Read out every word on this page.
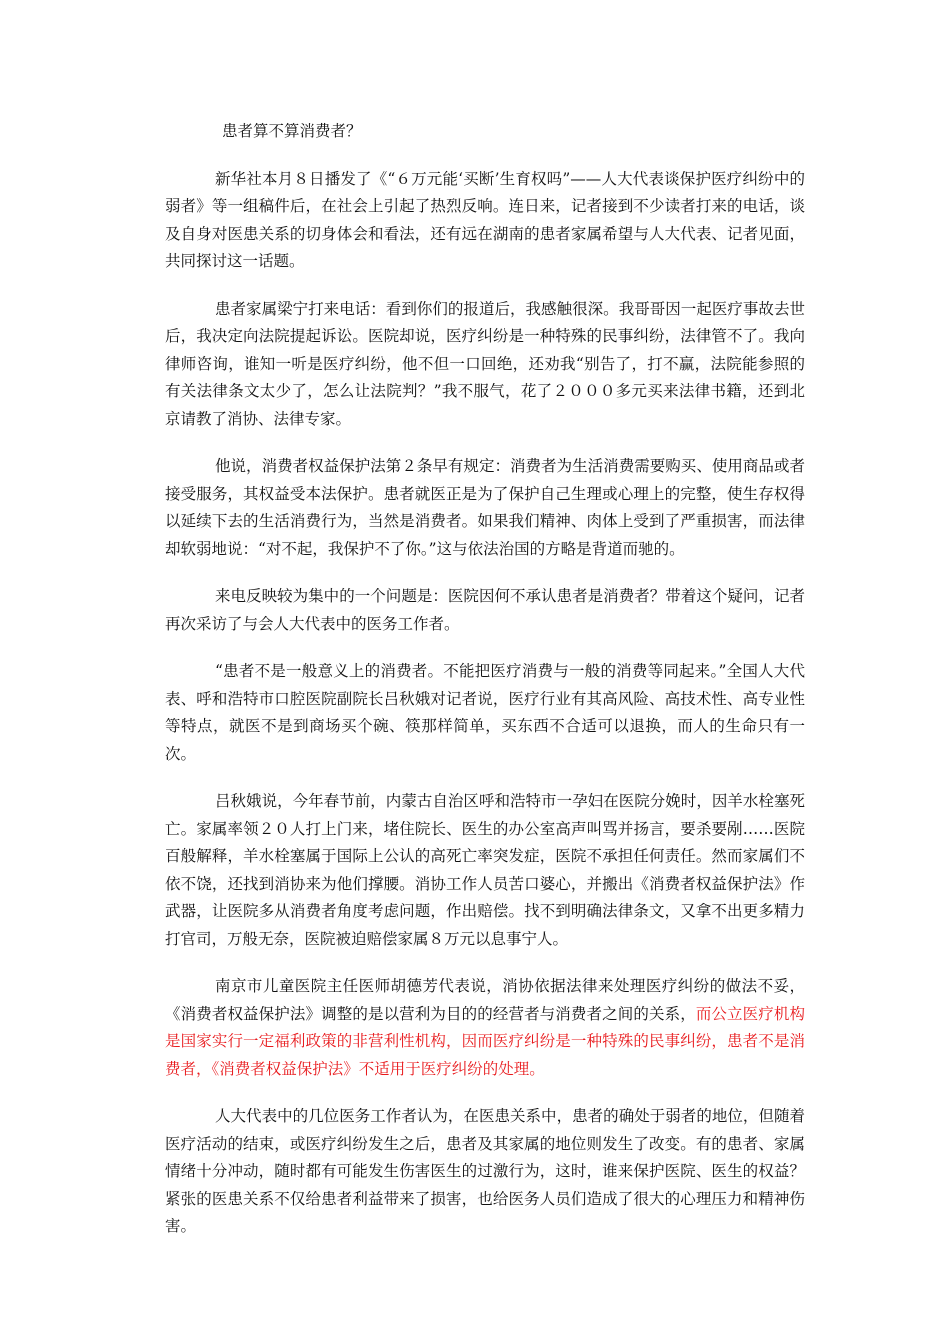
患者算不算消费者？

新华社本月８日播发了《“６万元能‘买断’生育权吗”——人大代表谈保护医疗纠纷中的弱者》等一组稿件后，在社会上引起了热烈反响。连日来，记者接到不少读者打来的电话，谈及自身对医患关系的切身体会和看法，还有远在湖南的患者家属希望与人大代表、记者见面，共同探讨这一话题。

患者家属梁宁打来电话：看到你们的报道后，我感触很深。我哥哥因一起医疗事故去世后，我决定向法院提起诉讼。医院却说，医疗纠纷是一种特殊的民事纠纷，法律管不了。我向律师咨询，谁知一听是医疗纠纷，他不但一口回绝，还劝我“别告了，打不赢，法院能参照的有关法律条文太少了，怎么让法院判？”我不服气，花了２０００多元买来法律书籍，还到北京请教了消协、法律专家。

他说，消费者权益保护法第２条早有规定：消费者为生活消费需要购买、使用商品或者接受服务，其权益受本法保护。患者就医正是为了保护自己生理或心理上的完整，使生存权得以延续下去的生活消费行为，当然是消费者。如果我们精神、肉体上受到了严重损害，而法律却软弱地说：“对不起，我保护不了你。”这与依法治国的方略是背道而驰的。

来电反映较为集中的一个问题是：医院因何不承认患者是消费者？带着这个疑问，记者再次采访了与会人大代表中的医务工作者。

“患者不是一般意义上的消费者。不能把医疗消费与一般的消费等同起来。”全国人大代表、呼和浩特市口腔医院副院长吕秋娥对记者说，医疗行业有其高风险、高技术性、高专业性等特点，就医不是到商场买个碗、筷那样简单，买东西不合适可以退换，而人的生命只有一次。

吕秋娥说，今年春节前，内蒙古自治区呼和浩特市一孕妇在医院分娩时，因羊水栓塞死亡。家属率领２０人打上门来，堵住院长、医生的办公室高声叫骂并扬言，要杀要剐……医院百般解释，羊水栓塞属于国际上公认的高死亡率突发症，医院不承担任何责任。然而家属们不依不饶，还找到消协来为他们撑腰。消协工作人员苦口婆心，并搬出《消费者权益保护法》作武器，让医院多从消费者角度考虑问题，作出赔偿。找不到明确法律条文，又拿不出更多精力打官司，万般无奈，医院被迫赔偿家属８万元以息事宁人。

南京市儿童医院主任医师胡德芳代表说，消协依据法律来处理医疗纠纷的做法不妥，《消费者权益保护法》调整的是以营利为目的的经营者与消费者之间的关系，而公立医疗机构是国家实行一定福利政策的非营利性机构，因而医疗纠纷是一种特殊的民事纠纷，患者不是消费者，《消费者权益保护法》不适用于医疗纠纷的处理。

人大代表中的几位医务工作者认为，在医患关系中，患者的确处于弱者的地位，但随着医疗活动的结束，或医疗纠纷发生之后，患者及其家属的地位则发生了改变。有的患者、家属情绪十分冲动，随时都有可能发生伤害医生的过激行为，这时，谁来保护医院、医生的权益？紧张的医患关系不仅给患者利益带来了损害，也给医务人员们造成了很大的心理压力和精神伤害。
